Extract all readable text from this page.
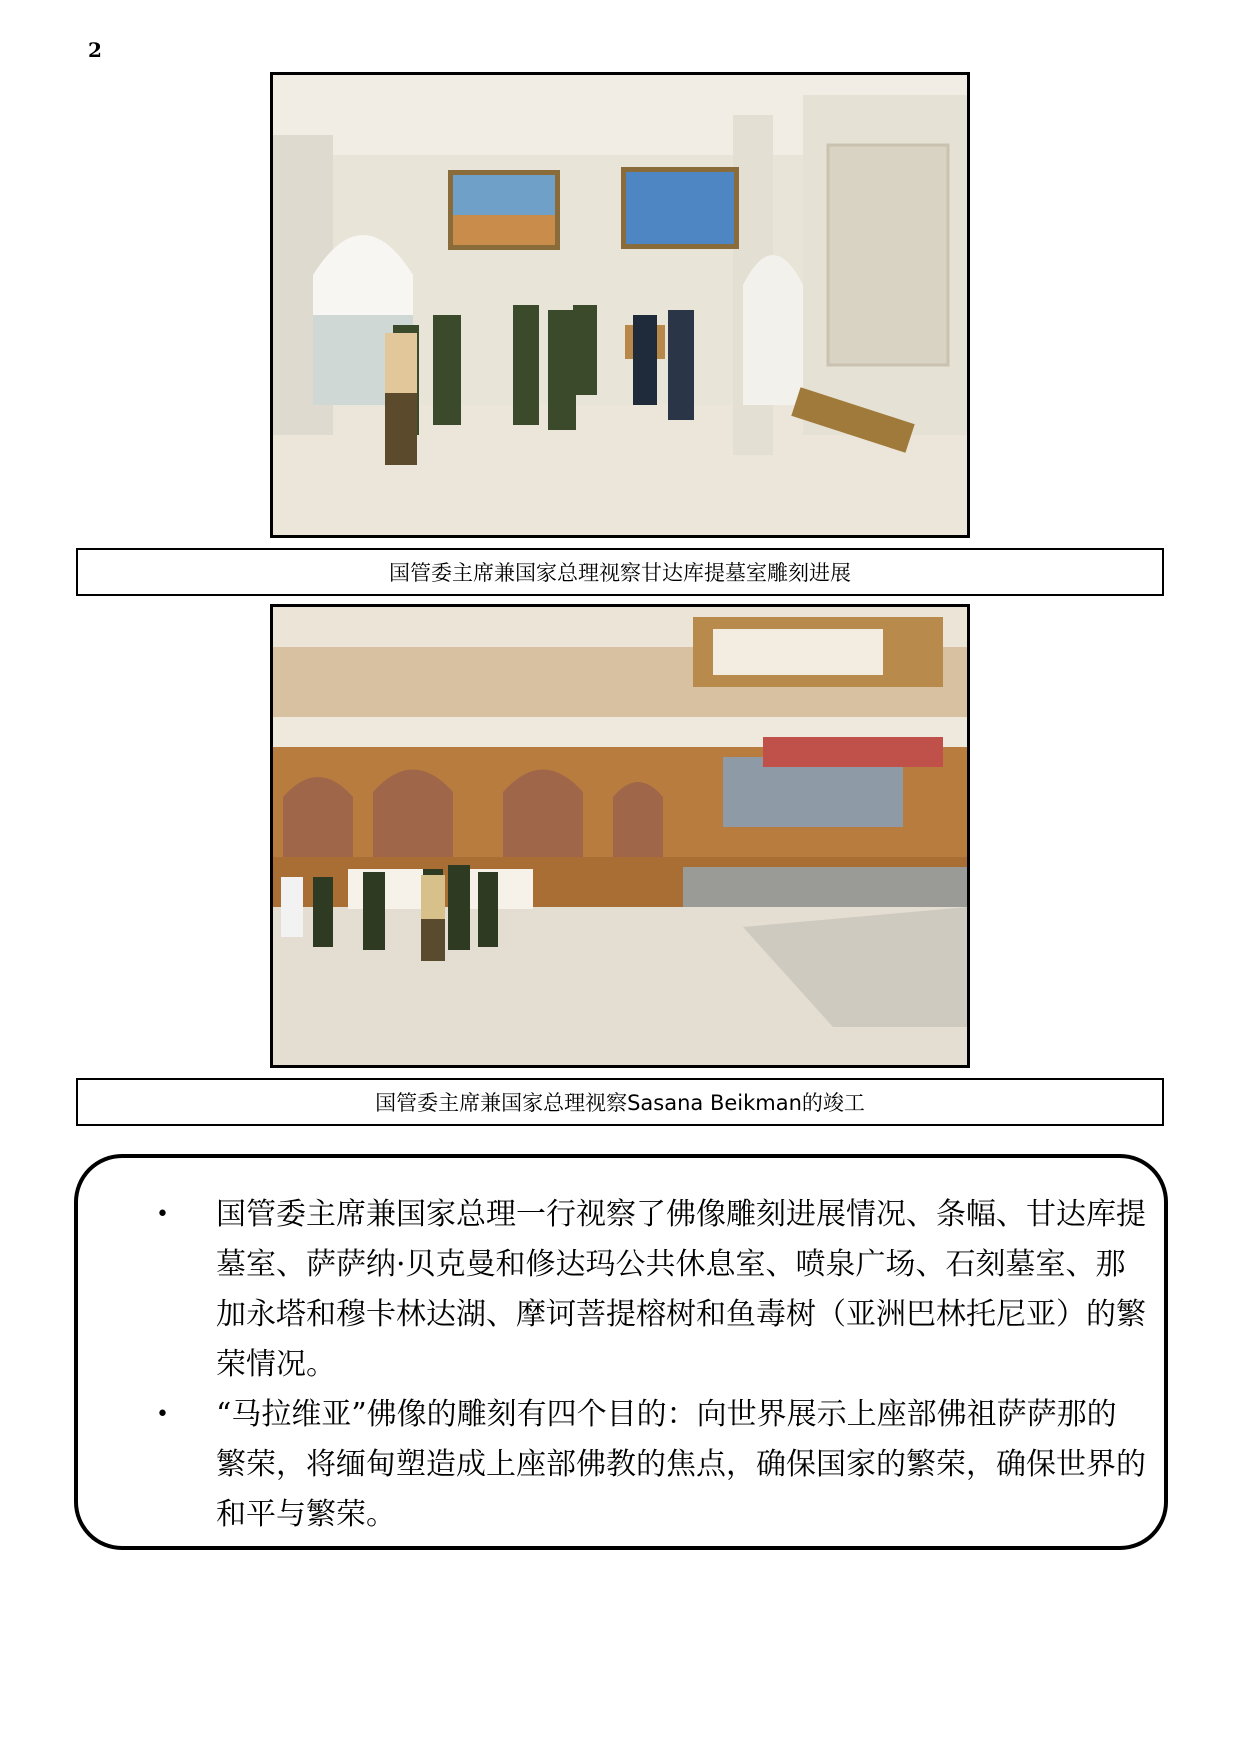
2
国管委主席兼国家总理视察甘达库提墓室雕刻进展
国管委主席兼国家总理视察Sasana Beikman的竣工
• 国管委主席兼国家总理一行视察了佛像雕刻进展情况、条幅、甘达库提墓室、萨萨纳·贝克曼和修达玛公共休息室、喷泉广场、石刻墓室、那加永塔和穆卡林达湖、摩诃菩提榕树和鱼毒树（亚洲巴林托尼亚）的繁荣情况。
• “马拉维亚”佛像的雕刻有四个目的：向世界展示上座部佛祖萨萨那的繁荣，将缅甸塑造成上座部佛教的焦点，确保国家的繁荣，确保世界的和平与繁荣。
